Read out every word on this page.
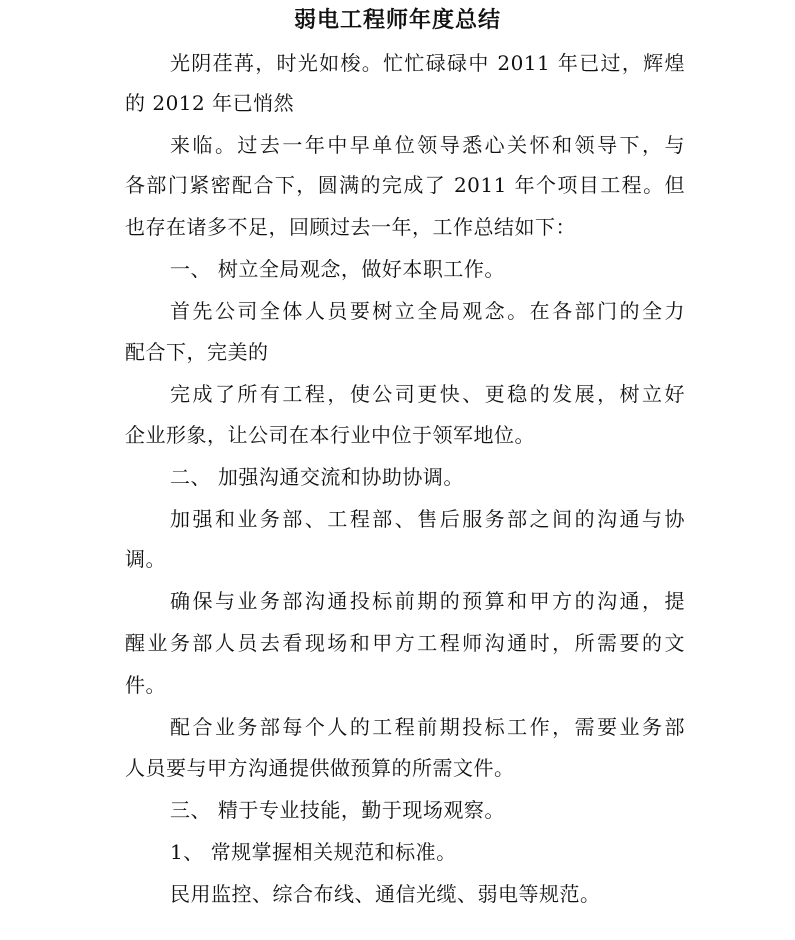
弱电工程师年度总结
光阴荏苒，时光如梭。忙忙碌碌中 2011 年已过，辉煌
的 2012 年已悄然
来临。过去一年中早单位领导悉心关怀和领导下，与
各部门紧密配合下，圆满的完成了 2011 年个项目工程。但
也存在诸多不足，回顾过去一年，工作总结如下：
一、 树立全局观念，做好本职工作。
首先公司全体人员要树立全局观念。在各部门的全力
配合下，完美的
完成了所有工程，使公司更快、更稳的发展，树立好
企业形象，让公司在本行业中位于领军地位。
二、 加强沟通交流和协助协调。
加强和业务部、工程部、售后服务部之间的沟通与协
调。
确保与业务部沟通投标前期的预算和甲方的沟通，提
醒业务部人员去看现场和甲方工程师沟通时，所需要的文
件。
配合业务部每个人的工程前期投标工作，需要业务部
人员要与甲方沟通提供做预算的所需文件。
三、 精于专业技能，勤于现场观察。
1、 常规掌握相关规范和标准。
民用监控、综合布线、通信光缆、弱电等规范。
